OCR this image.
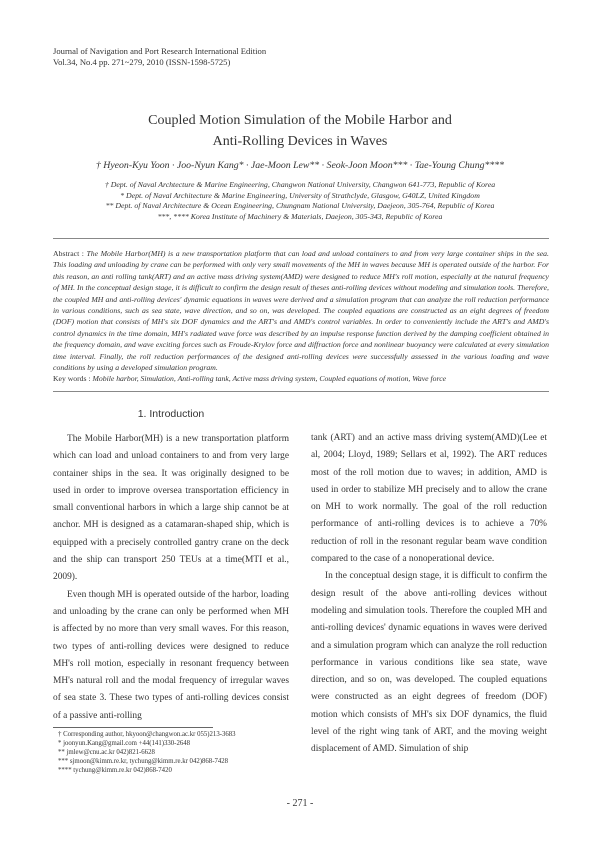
Journal of Navigation and Port Research International Edition
Vol.34, No.4 pp. 271~279, 2010 (ISSN-1598-5725)
Coupled Motion Simulation of the Mobile Harbor and
Anti-Rolling Devices in Waves
† Hyeon-Kyu Yoon · Joo-Nyun Kang* · Jae-Moon Lew** · Seok-Joon Moon*** · Tae-Young Chung****
† Dept. of Naval Archtecture & Marine Engineering, Changwon National University, Changwon 641-773, Republic of Korea
* Dept. of Naval Architecture & Marine Engineering, University of Strathclyde, Glasgow, G40LZ, United Kingdom
** Dept. of Naval Architecture & Ocean Engineering, Chungnam National University, Daejeon, 305-764, Republic of Korea
***, **** Korea Institute of Machinery & Materials, Daejeon, 305-343, Republic of Korea
Abstract : The Mobile Harbor(MH) is a new transportation platform that can load and unload containers to and from very large container ships in the sea. This loading and unloading by crane can be performed with only very small movements of the MH in waves because MH is operated outside of the harbor. For this reason, an anti rolling tank(ART) and an active mass driving system(AMD) were designed to reduce MH's roll motion, especially at the natural frequency of MH. In the conceptual design stage, it is difficult to confirm the design result of theses anti-rolling devices without modeling and simulation tools. Therefore, the coupled MH and anti-rolling devices' dynamic equations in waves were derived and a simulation program that can analyze the roll reduction performance in various conditions, such as sea state, wave direction, and so on, was developed. The coupled equations are constructed as an eight degrees of freedom (DOF) motion that consists of MH's six DOF dynamics and the ART's and AMD's control variables. In order to conveniently include the ART's and AMD's control dynamics in the time domain, MH's radiated wave force was described by an impulse response function derived by the damping coefficient obtained in the frequency domain, and wave exciting forces such as Froude-Krylov force and diffraction force and nonlinear buoyancy were calculated at every simulation time interval. Finally, the roll reduction performances of the designed anti-rolling devices were successfully assessed in the various loading and wave conditions by using a developed simulation program.
Key words : Mobile harbor, Simulation, Anti-rolling tank, Active mass driving system, Coupled equations of motion, Wave force
1. Introduction

The Mobile Harbor(MH) is a new transportation platform which can load and unload containers to and from very large container ships in the sea. It was originally designed to be used in order to improve oversea transportation efficiency in small conventional harbors in which a large ship cannot be at anchor. MH is designed as a catamaran-shaped ship, which is equipped with a precisely controlled gantry crane on the deck and the ship can transport 250 TEUs at a time(MTI et al., 2009).

Even though MH is operated outside of the harbor, loading and unloading by the crane can only be performed when MH is affected by no more than very small waves. For this reason, two types of anti-rolling devices were designed to reduce MH's roll motion, especially in resonant frequency between MH's natural roll and the modal frequency of irregular waves of sea state 3. These two types of anti-rolling devices consist of a passive anti-rolling

tank (ART) and an active mass driving system(AMD)(Lee et al, 2004; Lloyd, 1989; Sellars et al, 1992). The ART reduces most of the roll motion due to waves; in addition, AMD is used in order to stabilize MH precisely and to allow the crane on MH to work normally. The goal of the roll reduction performance of anti-rolling devices is to achieve a 70% reduction of roll in the resonant regular beam wave condition compared to the case of a nonoperational device.

In the conceptual design stage, it is difficult to confirm the design result of the above anti-rolling devices without modeling and simulation tools. Therefore the coupled MH and anti-rolling devices' dynamic equations in waves were derived and a simulation program which can analyze the roll reduction performance in various conditions like sea state, wave direction, and so on, was developed. The coupled equations were constructed as an eight degrees of freedom (DOF) motion which consists of MH's six DOF dynamics, the fluid level of the right wing tank of ART, and the moving weight displacement of AMD. Simulation of ship

† Corresponding author, hkyoon@changwon.ac.kr 055)213-3683
* joonyun.Kang@gmail.com +44(141)330-2648
** jmlew@cnu.ac.kr 042)821-6628
*** sjmoon@kimm.re.kr, tychung@kimm.re.kr 042)868-7428
**** tychung@kimm.re.kr 042)868-7420
- 271 -
